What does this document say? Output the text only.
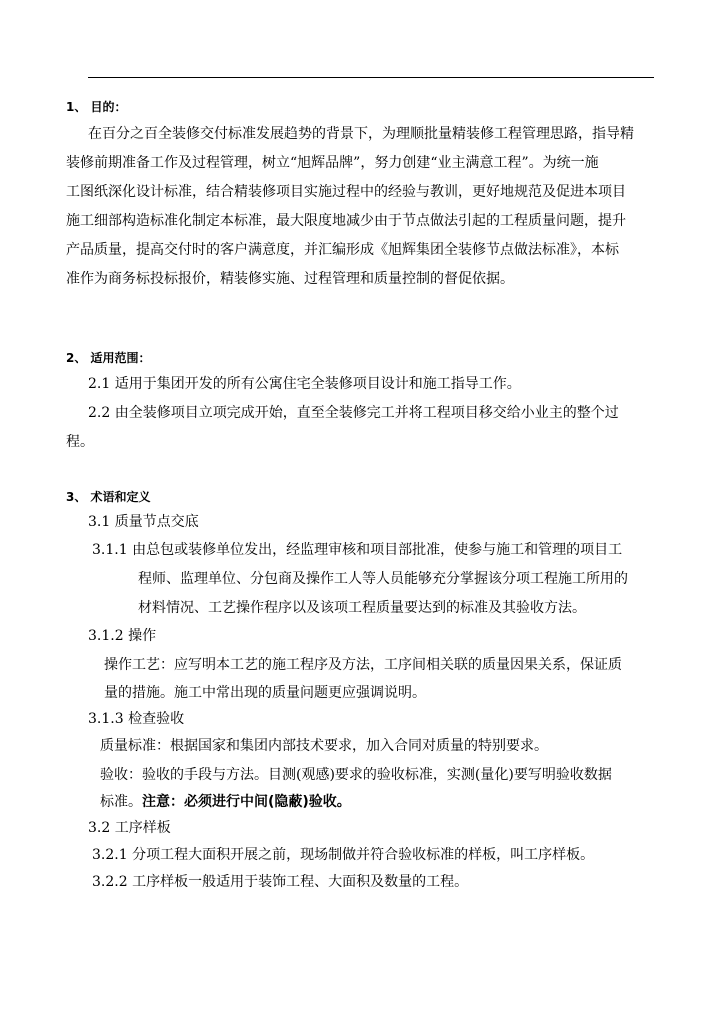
1、 目的：
在百分之百全装修交付标准发展趋势的背景下，为理顺批量精装修工程管理思路，指导精
装修前期准备工作及过程管理，树立“旭辉品牌”，努力创建“业主满意工程”。为统一施
工图纸深化设计标准，结合精装修项目实施过程中的经验与教训，更好地规范及促进本项目
施工细部构造标准化制定本标准，最大限度地减少由于节点做法引起的工程质量问题，提升
产品质量，提高交付时的客户满意度，并汇编形成《旭辉集团全装修节点做法标准》，本标
准作为商务标投标报价，精装修实施、过程管理和质量控制的督促依据。
2、 适用范围：
2.1 适用于集团开发的所有公寓住宅全装修项目设计和施工指导工作。
2.2 由全装修项目立项完成开始，直至全装修完工并将工程项目移交给小业主的整个过
程。
3、 术语和定义
3.1 质量节点交底
3.1.1 由总包或装修单位发出，经监理审核和项目部批准，使参与施工和管理的项目工
程师、监理单位、分包商及操作工人等人员能够充分掌握该分项工程施工所用的
材料情况、工艺操作程序以及该项工程质量要达到的标准及其验收方法。
3.1.2 操作
操作工艺：应写明本工艺的施工程序及方法，工序间相关联的质量因果关系，保证质
量的措施。施工中常出现的质量问题更应强调说明。
3.1.3 检查验收
质量标准：根据国家和集团内部技术要求，加入合同对质量的特别要求。
验收：验收的手段与方法。目测(观感)要求的验收标准，实测(量化)要写明验收数据
标准。注意：必须进行中间(隐蔽)验收。
3.2 工序样板
3.2.1 分项工程大面积开展之前，现场制做并符合验收标准的样板，叫工序样板。
3.2.2 工序样板一般适用于装饰工程、大面积及数量的工程。
